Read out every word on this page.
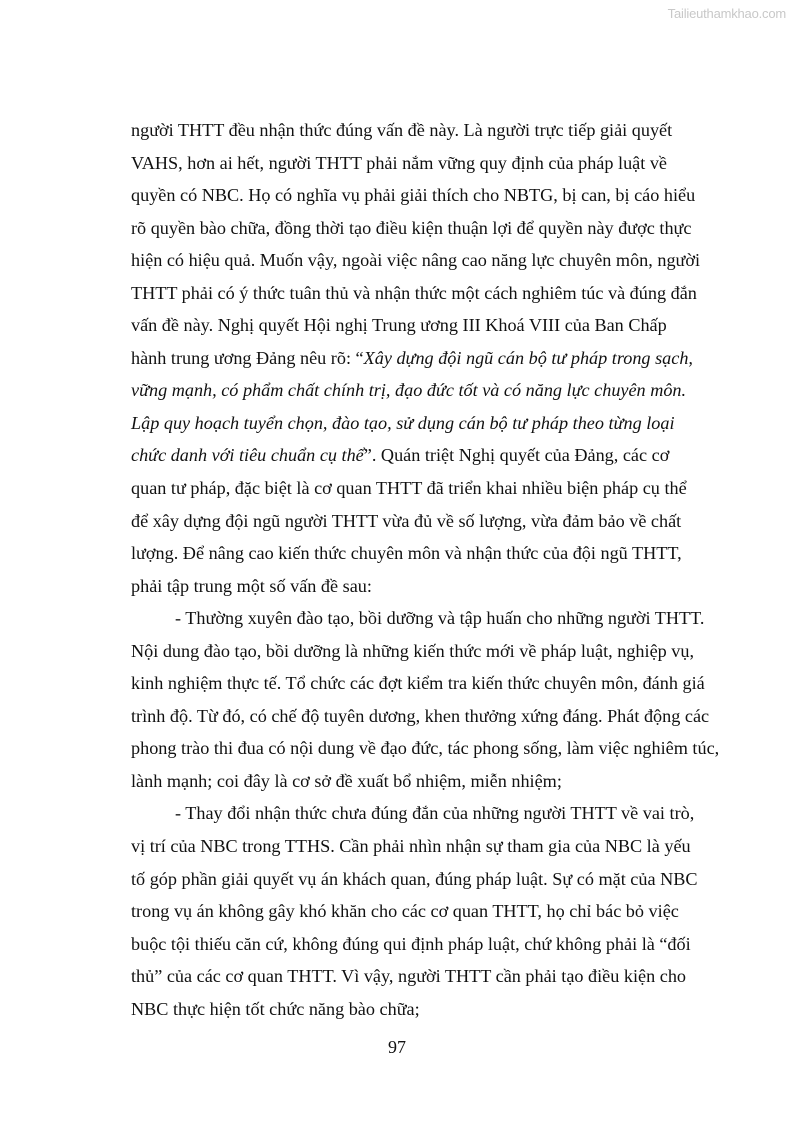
Tailieuthamkhao.com
người THTT đều nhận thức đúng vấn đề này. Là người trực tiếp giải quyết
VAHS, hơn ai hết, người THTT phải nắm vững quy định của pháp luật về
quyền có NBC. Họ có nghĩa vụ phải giải thích cho NBTG, bị can, bị cáo hiểu
rõ quyền bào chữa, đồng thời tạo điều kiện thuận lợi để quyền này được thực
hiện có hiệu quả. Muốn vậy, ngoài việc nâng cao năng lực chuyên môn, người
THTT phải có ý thức tuân thủ và nhận thức một cách nghiêm túc và đúng đắn
vấn đề này. Nghị quyết Hội nghị Trung ương III Khoá VIII của Ban Chấp
hành trung ương Đảng nêu rõ: “Xây dựng đội ngũ cán bộ tư pháp trong sạch,
vững mạnh, có phẩm chất chính trị, đạo đức tốt và có năng lực chuyên môn.
Lập quy hoạch tuyển chọn, đào tạo, sử dụng cán bộ tư pháp theo từng loại
chức danh với tiêu chuẩn cụ thể”. Quán triệt Nghị quyết của Đảng, các cơ
quan tư pháp, đặc biệt là cơ quan THTT đã triển khai nhiều biện pháp cụ thể
để xây dựng đội ngũ người THTT vừa đủ về số lượng, vừa đảm bảo về chất
lượng. Để nâng cao kiến thức chuyên môn và nhận thức của đội ngũ THTT,
phải tập trung một số vấn đề sau:
- Thường xuyên đào tạo, bồi dưỡng và tập huấn cho những người THTT.
Nội dung đào tạo, bồi dưỡng là những kiến thức mới về pháp luật, nghiệp vụ,
kinh nghiệm thực tế. Tổ chức các đợt kiểm tra kiến thức chuyên môn, đánh giá
trình độ. Từ đó, có chế độ tuyên dương, khen thưởng xứng đáng. Phát động các
phong trào thi đua có nội dung về đạo đức, tác phong sống, làm việc nghiêm túc,
lành mạnh; coi đây là cơ sở đề xuất bổ nhiệm, miễn nhiệm;
- Thay đổi nhận thức chưa đúng đắn của những người THTT về vai trò,
vị trí của NBC trong TTHS. Cần phải nhìn nhận sự tham gia của NBC là yếu
tố góp phần giải quyết vụ án khách quan, đúng pháp luật. Sự có mặt của NBC
trong vụ án không gây khó khăn cho các cơ quan THTT, họ chỉ bác bỏ việc
buộc tội thiếu căn cứ, không đúng qui định pháp luật, chứ không phải là “đối
thủ” của các cơ quan THTT. Vì vậy, người THTT cần phải tạo điều kiện cho
NBC thực hiện tốt chức năng bào chữa;
97
